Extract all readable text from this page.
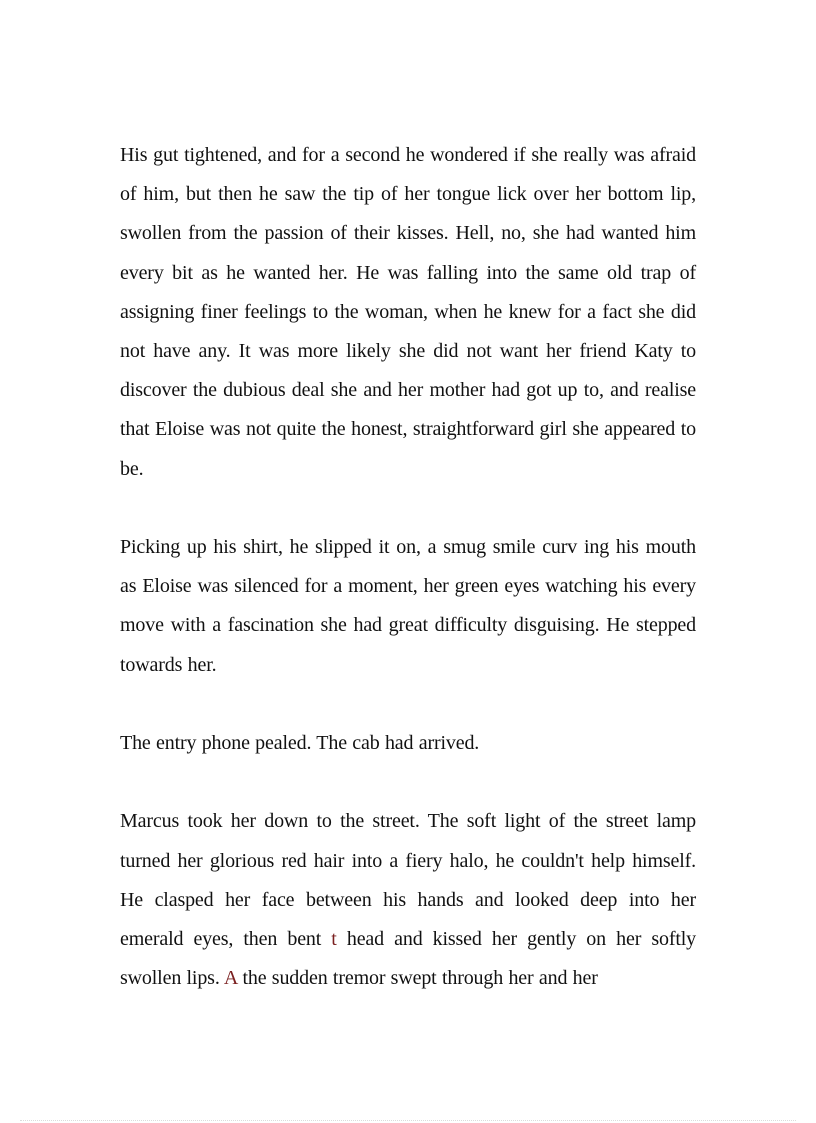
His gut tightened, and for a second he wondered if she really was afraid of him, but then he saw the tip of her tongue lick over her bottom lip, swollen from the passion of their kisses. Hell, no, she had wanted him every bit as he wanted her. He was falling into the same old trap of assigning finer feelings to the woman, when he knew for a fact she did not have any. It was more likely she did not want her friend Katy to discover the dubious deal she and her mother had got up to, and realise that Eloise was not quite the honest, straightforward girl she appeared to be.

Picking up his shirt, he slipped it on, a smug smile curv ing his mouth as Eloise was silenced for a moment, her green eyes watching his every move with a fascination she had great difficulty disguising. He stepped towards her.

The entry phone pealed. The cab had arrived.

Marcus took her down to the street. The soft light of the street lamp turned her glorious red hair into a fiery halo, he couldn't help himself. He clasped her face between his hands and looked deep into her emerald eyes, then bent t head and kissed her gently on her softly swollen lips. A the sudden tremor swept through her and her
